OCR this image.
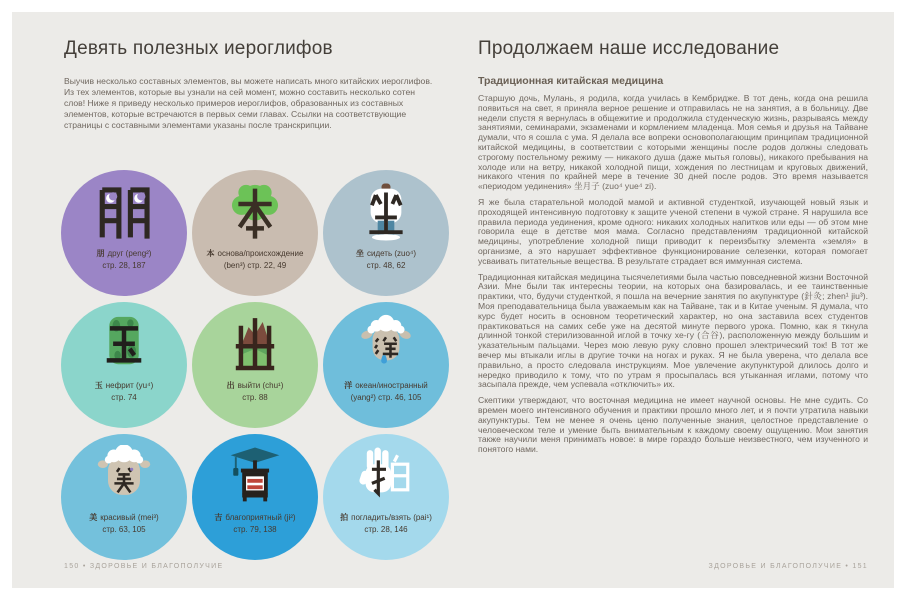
Девять полезных иероглифов

Выучив несколько составных элементов, вы можете написать много китайских иероглифов. Из тех элементов, которые вы узнали на сей момент, можно составить несколько сотен слов! Ниже я приведу несколько примеров иероглифов, образованных из составных элементов, которые встречаются в первых семи главах. Ссылки на соответствующие страницы с составными элементами указаны после транскрипции.

朋 друг (peng²)
стр. 28, 187
本 основа/происхождение
(ben³) стр. 22, 49
坐 сидеть (zuo⁴)
стр. 48, 62
玉 нефрит (yu⁴)
стр. 74
出 выйти (chu¹)
стр. 88
洋 океан/иностранный
(yang²) стр. 46, 105
美 красивый (mei³)
стр. 63, 105
吉 благоприятный (ji²)
стр. 79, 138
拍 погладить/взять (pai¹)
стр. 28, 146
Продолжаем наше исследование
Традиционная китайская медицина

Старшую дочь, Мулань, я родила, когда училась в Кембридже. В тот день, когда она решила появиться на свет, я приняла верное решение и отправилась не на занятия, а в больницу. Две недели спустя я вернулась в общежитие и продолжила студенческую жизнь, разрываясь между занятиями, семинарами, экзаменами и кормлением младенца. Моя семья и друзья на Тайване думали, что я сошла с ума. Я делала все вопреки основополагающим принципам традиционной китайской медицины, в соответствии с которыми женщины после родов должны следовать строгому постельному режиму — никакого душа (даже мытья головы), никакого пребывания на холоде или на ветру, никакой холодной пищи, хождения по лестницам и круговых движений, никакого чтения по крайней мере в течение 30 дней после родов. Это время называется «периодом уединения» 坐月子 (zuo⁴ yue⁴ zi).

Я же была старательной молодой мамой и активной студенткой, изучающей новый язык и проходящей интенсивную подготовку к защите ученой степени в чужой стране. Я нарушила все правила периода уединения, кроме одного: никаких холодных напитков или еды — об этом мне говорила еще в детстве моя мама. Согласно представлениям традиционной китайской медицины, употребление холодной пищи приводит к переизбытку элемента «земля» в организме, а это нарушает эффективное функционирование селезенки, которая помогает усваивать питательные вещества. В результате страдает вся иммунная система.

Традиционная китайская медицина тысячелетиями была частью повседневной жизни Восточной Азии. Мне были так интересны теории, на которых она базировалась, и ее таинственные практики, что, будучи студенткой, я пошла на вечерние занятия по акупунктуре (針灸; zhen¹ jiu³). Моя преподавательница была уважаемым как на Тайване, так и в Китае ученым. Я думала, что курс будет носить в основном теоретический характер, но она заставила всех студентов практиковаться на самих себе уже на десятой минуте первого урока. Помню, как я ткнула длинной тонкой стерилизованной иглой в точку хе-гу (合谷), расположенную между большим и указательным пальцами. Через мою левую руку словно прошел электрический ток! В тот же вечер мы втыкали иглы в другие точки на ногах и руках. Я не была уверена, что делала все правильно, а просто следовала инструкциям. Мое увлечение акупунктурой длилось долго и нередко приводило к тому, что по утрам я просыпалась вся утыканная иглами, потому что засыпала прежде, чем успевала «отключить» их.

Скептики утверждают, что восточная медицина не имеет научной основы. Не мне судить. Со времен моего интенсивного обучения и практики прошло много лет, и я почти утратила навыки акупунктуры. Тем не менее я очень ценю полученные знания, целостное представление о человеческом теле и умение быть внимательным к каждому своему ощущению. Мои занятия также научили меня принимать новое: в мире гораздо больше неизвестного, чем изученного и понятого нами.

150 • ЗДОРОВЬЕ И БЛАГОПОЛУЧИЕ	ЗДОРОВЬЕ И БЛАГОПОЛУЧИЕ • 151
